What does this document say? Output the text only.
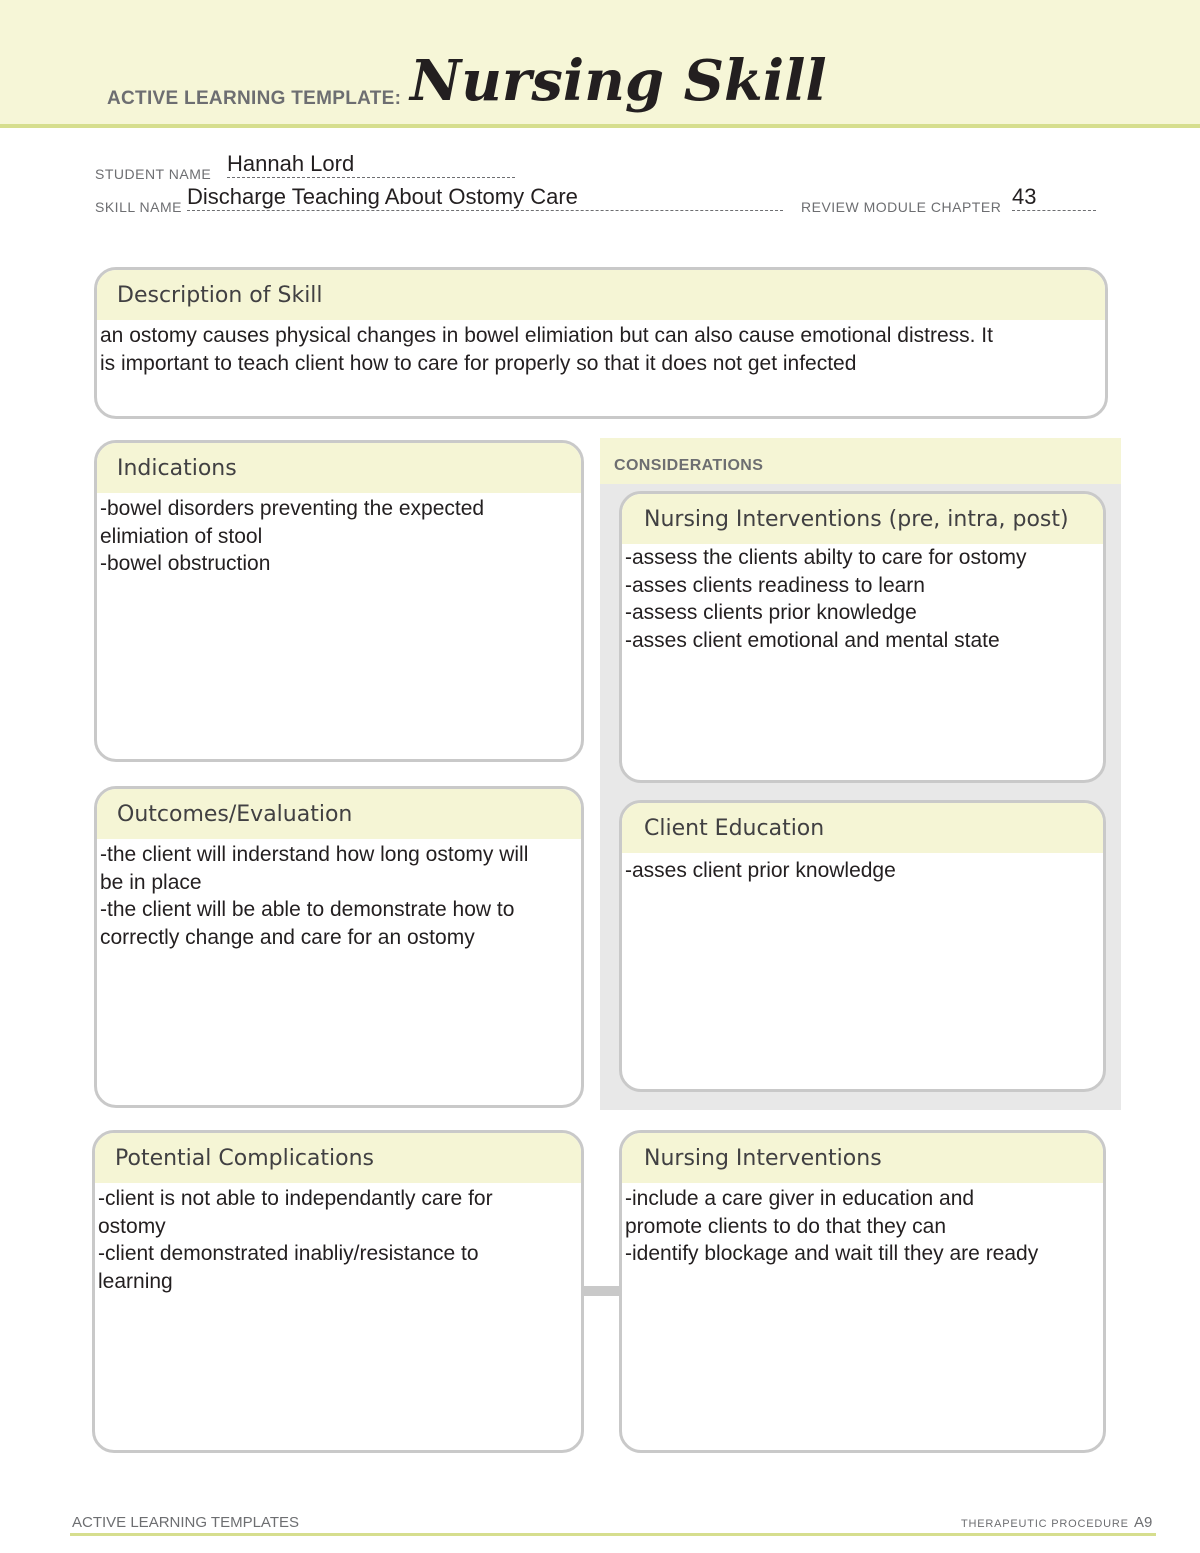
ACTIVE LEARNING TEMPLATE: Nursing Skill
STUDENT NAME Hannah Lord
SKILL NAME Discharge Teaching About Ostomy Care	REVIEW MODULE CHAPTER 43
Description of Skill
an ostomy causes physical changes in bowel elimiation but can also cause emotional distress. It
is important to teach client how to care for properly so that it does not get infected
Indications
-bowel disorders preventing the expected
elimiation of stool
-bowel obstruction
CONSIDERATIONS
Nursing Interventions (pre, intra, post)
-assess the clients abilty to care for ostomy
-asses clients readiness to learn
-assess clients prior knowledge
-asses client emotional and mental state
Client Education
-asses client prior knowledge
Outcomes/Evaluation
-the client will inderstand how long ostomy will
be in place
-the client will be able to demonstrate how to
correctly change and care for an ostomy
Potential Complications
-client is not able to independantly care for
ostomy
-client demonstrated inabliy/resistance to
learning
Nursing Interventions
-include a care giver in education and
promote clients to do that they can
-identify blockage and wait till they are ready
ACTIVE LEARNING TEMPLATES	THERAPEUTIC PROCEDURE A9
